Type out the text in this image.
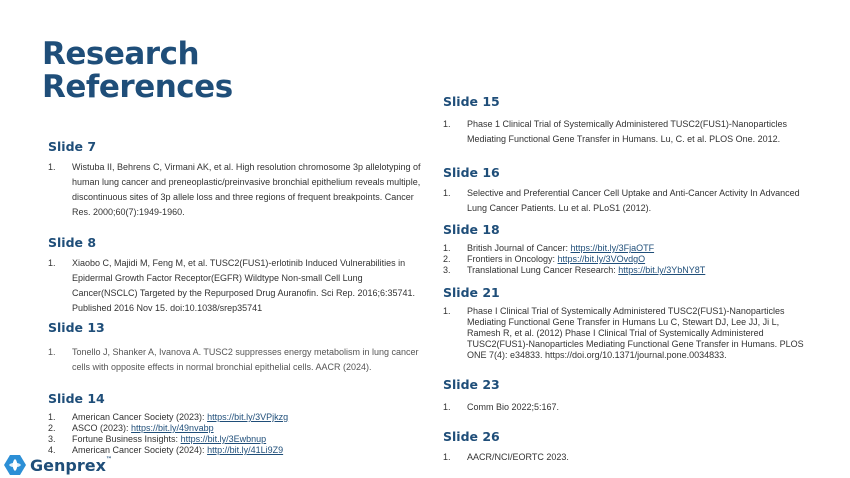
Research
References
Slide 7
1. Wistuba II, Behrens C, Virmani AK, et al. High resolution chromosome 3p allelotyping of human lung cancer and preneoplastic/preinvasive bronchial epithelium reveals multiple, discontinuous sites of 3p allele loss and three regions of frequent breakpoints. Cancer Res. 2000;60(7):1949-1960.
Slide 8
1. Xiaobo C, Majidi M, Feng M, et al. TUSC2(FUS1)-erlotinib Induced Vulnerabilities in Epidermal Growth Factor Receptor(EGFR) Wildtype Non-small Cell Lung Cancer(NSCLC) Targeted by the Repurposed Drug Auranofin. Sci Rep. 2016;6:35741. Published 2016 Nov 15. doi:10.1038/srep35741
Slide 13
1. Tonello J, Shanker A, Ivanova A. TUSC2 suppresses energy metabolism in lung cancer cells with opposite effects in normal bronchial epithelial cells. AACR (2024).
Slide 14
1. American Cancer Society (2023): https://bit.ly/3VPjkzg
2. ASCO (2023): https://bit.ly/49nvabp
3. Fortune Business Insights: https://bit.ly/3Ewbnup
4. American Cancer Society (2024): http://bit.ly/41Li9Z9
Slide 15
1. Phase 1 Clinical Trial of Systemically Administered TUSC2(FUS1)-Nanoparticles Mediating Functional Gene Transfer in Humans. Lu, C. et al. PLOS One. 2012.
Slide 16
1. Selective and Preferential Cancer Cell Uptake and Anti-Cancer Activity In Advanced Lung Cancer Patients. Lu et al. PLoS1 (2012).
Slide 18
1. British Journal of Cancer: https://bit.ly/3FjaOTF
2. Frontiers in Oncology: https://bit.ly/3VOvdgO
3. Translational Lung Cancer Research: https://bit.ly/3YbNY8T
Slide 21
1. Phase I Clinical Trial of Systemically Administered TUSC2(FUS1)-Nanoparticles Mediating Functional Gene Transfer in Humans Lu C, Stewart DJ, Lee JJ, Ji L, Ramesh R, et al. (2012) Phase I Clinical Trial of Systemically Administered TUSC2(FUS1)-Nanoparticles Mediating Functional Gene Transfer in Humans. PLOS ONE 7(4): e34833. https://doi.org/10.1371/journal.pone.0034833.
Slide 23
1. Comm Bio 2022;5:167.
Slide 26
1. AACR/NCI/EORTC 2023.
Genprex™
